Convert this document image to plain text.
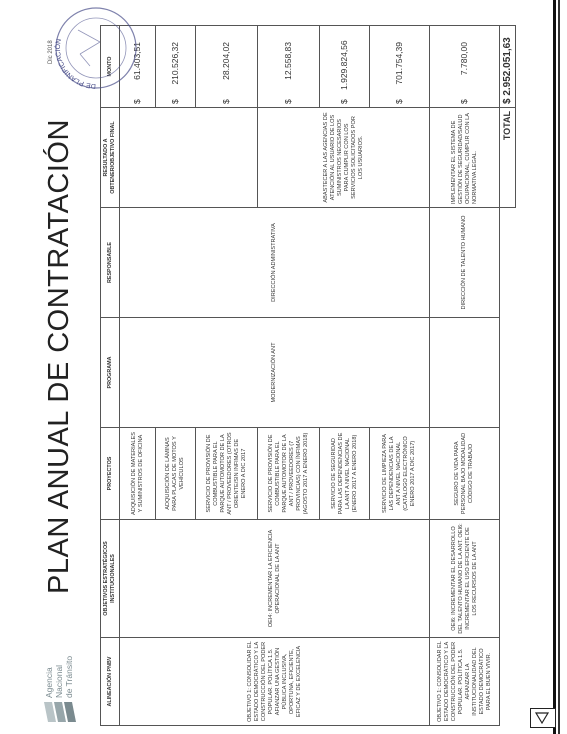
Agencia Nacional de Tránsito
PLAN ANUAL DE CONTRATACIÓN
ALINEACIÓN PNBV	OBJETIVOS ESTRATÉGICOS INSTITUCIONALES	PROYECTOS	PROGRAMA	RESPONSABLE	RESULTADO A OBTENER/OBJETIVO FINAL	MONTO
OBJETIVO 1: CONSOLIDAR EL ESTADO DEMOCRÁTICO Y LA CONSTRUCCIÓN DEL PODER POPULAR. POLÍTICA 1.5. AFIANZAR UNA GESTIÓN PÚBLICA INCLUSIVA, OPORTUNA, EFICIENTE, EFICAZ Y DE EXCELENCIA	OEI4: INCREMENTAR LA EFICIENCIA OPERACIONAL DE LA ANT	ADQUISICIÓN DE MATERIALES Y SUMINISTROS DE OFICINA	MODERNIZACIÓN ANT	DIRECCIÓN ADMINISTRATIVA		$61.403,51
		ADQUISICIÓN DE LÁMINAS PARA PLACAS DE MOTOS Y VEHÍCULOS				$210.526,32
		SERVICIO DE PROVISIÓN DE COMBUSTIBLE PARA EL PARQUE AUTOMOTOR DE LA ANT / PROVEEDORES (OTROS ORIENTE/SIN INFIMAS DE ENERO A DIC 2017				$28.204,02
		SERVICIO DE PROVISIÓN DE COMBUSTIBLE PARA EL PARQUE AUTOMOTOR DE LA ANT / PROVEEDORES (7 PROVINCIAS) CON ÍNFIMAS (AGOSTO 2017 A ENERO 2018)			ABASTECER A LAS AGENCIAS DE ATENCIÓN AL USUARIO DE LOS SUMINISTROS NECESARIOS PARA CUMPLIR CON LOS SERVICIOS SOLICITADOS POR LOS USUARIOS.	$12.558,83
		SERVICIO DE SEGURIDAD PARA LAS DEPENDENCIAS DE LA ANT A NIVEL NACIONAL (ENERO 2017 A ENERO 2018)				$1.929.824,56
		SERVICIO DE LIMPIEZA PARA LAS DEPENDENCIAS DE LA ANT A NIVEL NACIONAL (CATÁLOGO ELECTRÓNICO ENERO 2017 A DIC 2017)				$701.754,39
OBJETIVO 1: CONSOLIDAR EL ESTADO DEMOCRÁTICO Y LA CONSTRUCCIÓN DEL PODER POPULAR. POLÍTICA 1.5. AFIANZAR LA INSTITUCIONALIDAD DEL ESTADO DEMOCRÁTICO PARA EL BUEN VIVIR.	OEI6: INCREMENTAR EL DESARROLLO DEL TALENTO HUMANO DE LA ANT. OEI6: INCREMENTAR EL USO EFICIENTE DE LOS RECURSOS DE LA ANT	SEGURO DE VIDA PARA PERSONAL BAJO MODALIDAD CÓDIGO DE TRABAJO		DIRECCIÓN DE TALENTO HUMANO	IMPLEMENTAR EL SISTEMA DE GESTIÓN DE SEGURIDAD/SALUD OCUPACIONAL, CUMPLIR CON LA NORMATIVA LEGAL.	$7.780,00
					TOTAL	$ 2.952.051,63
DE PLANIFICACIÓN
Dic 2018
